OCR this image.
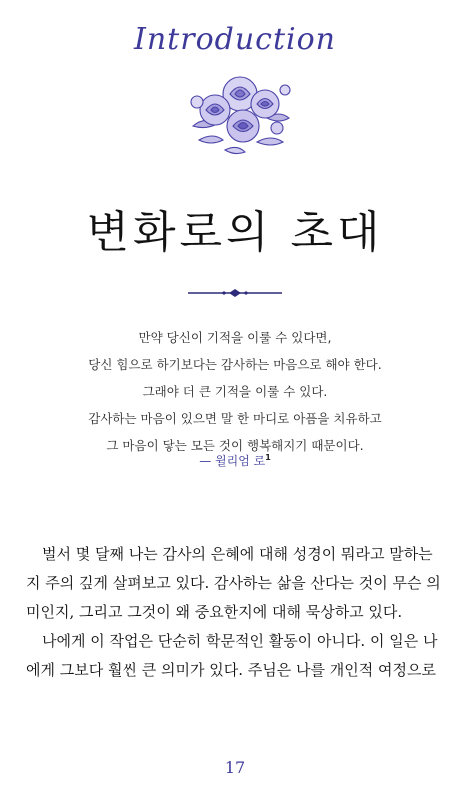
Introduction
변화로의 초대
만약 당신이 기적을 이룰 수 있다면,
당신 힘으로 하기보다는 감사하는 마음으로 해야 한다.
그래야 더 큰 기적을 이룰 수 있다.
감사하는 마음이 있으면 말 한 마디로 아픔을 치유하고
그 마음이 닿는 모든 것이 행복해지기 때문이다.
— 윌리엄 로$^1$
벌서 몇 달째 나는 감사의 은혜에 대해 성경이 뭐라고 말하는
지 주의 깊게 살펴보고 있다. 감사하는 삶을 산다는 것이 무슨 의
미인지, 그리고 그것이 왜 중요한지에 대해 묵상하고 있다.
나에게 이 작업은 단순히 학문적인 활동이 아니다. 이 일은 나
에게 그보다 훨씬 큰 의미가 있다. 주님은 나를 개인적 여정으로
17
